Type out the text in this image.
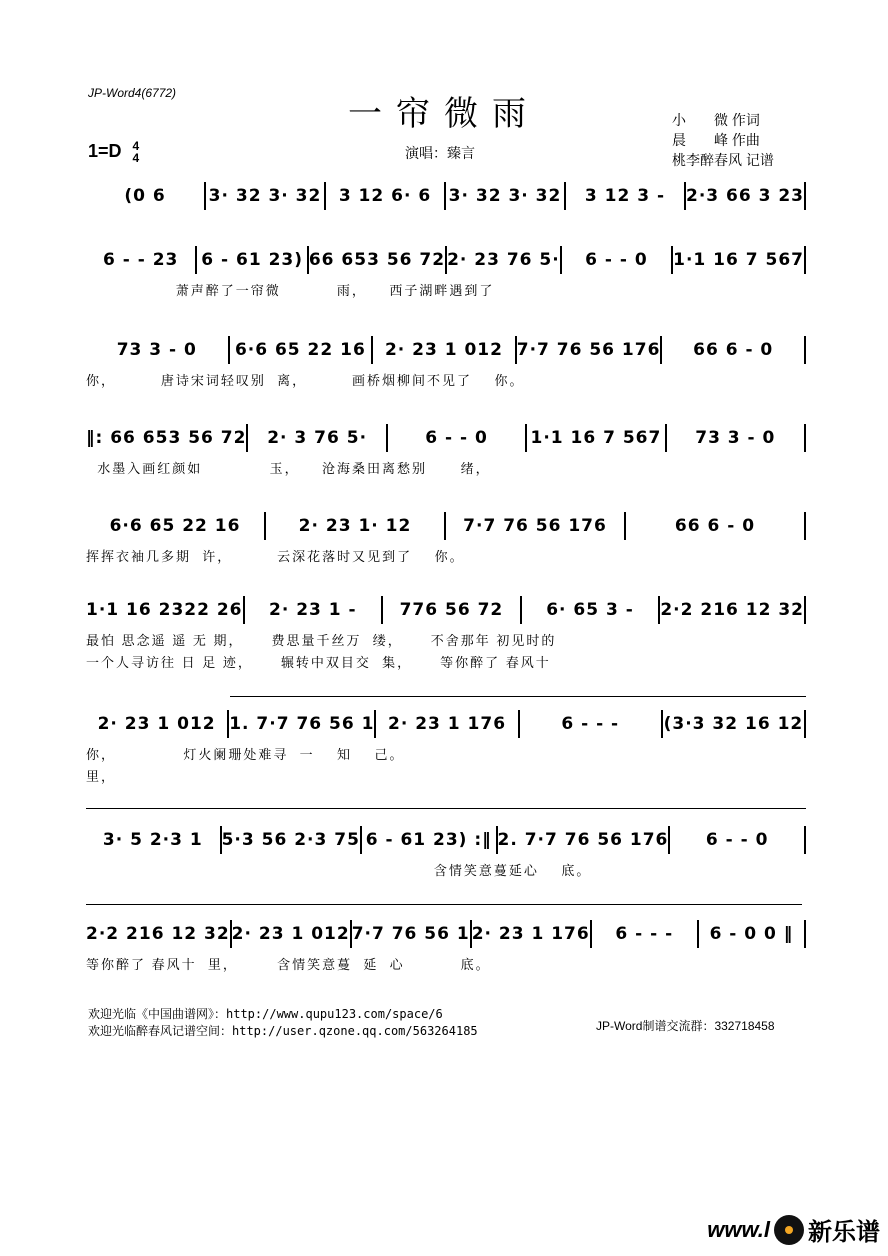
JP-Word4(6772)
一帘微雨	小　　微 作词
晨　　峰 作曲
桃李醉春风 记谱
1=D 4
4	演唱：臻言
(0 6	3· 32 3· 32	3 12 6· 6	3· 32 3· 32	3 12 3 -	2·3 66 3 23
6 - - 23	6 - 61 23) 66 653 56 72 2· 23 76 5·	6 - - 0	1·1 16 7 567
萧声醉了一帘微          雨，    西子湖畔遇到了
73 3 - 0	6·6 65 22 16	2· 23 1 012 7·7 76 56 176	66 6 - 0
你，        唐诗宋词轻叹别  离，        画桥烟柳间不见了    你。
‖: 66 653 56 72	2· 3 76 5·	6 - - 0	1·1 16 7 567	73 3 - 0
水墨入画红颜如            玉，    沧海桑田离愁别      绪，
6·6 65 22 16	2· 23 1· 12	7·7 76 56 176	66 6 - 0
挥挥衣袖几多期  许，        云深花落时又见到了    你。
1·1 16 2322 26	2· 23 1 -	776 56 72	6· 65 3 -	2·2 216 12 32
最怕 思念遥 遥 无 期，     费思量千丝万  缕，     不舍那年 初见时的
一个人寻访往 日 足 迹，     辗转中双目交  集，     等你醉了 春风十
2· 23 1 012 1. 7·7 76 56 1 2· 23 1 176	6 - - -	(3·3 32 16 12
你，            灯火阑珊处难寻  一    知    己。
里，
3· 5 2·3 1	5·3 56 2·3 75 6 - 61 23) :‖ 2. 7·7 76 56 176	6 - - 0
含情笑意蔓延心    底。
2·2 216 12 32 2· 23 1 012 7·7 76 56 1 2· 23 1 176	6 - - -	6 - 0 0 ‖
等你醉了 春风十  里，       含情笑意蔓  延  心          底。
欢迎光临《中国曲谱网》：http://www.qupu123.com/space/6
欢迎光临醉春风记谱空间：http://user.qzone.qq.com/563264185	JP-Word制谱交流群：332718458
www.l 新乐谱
